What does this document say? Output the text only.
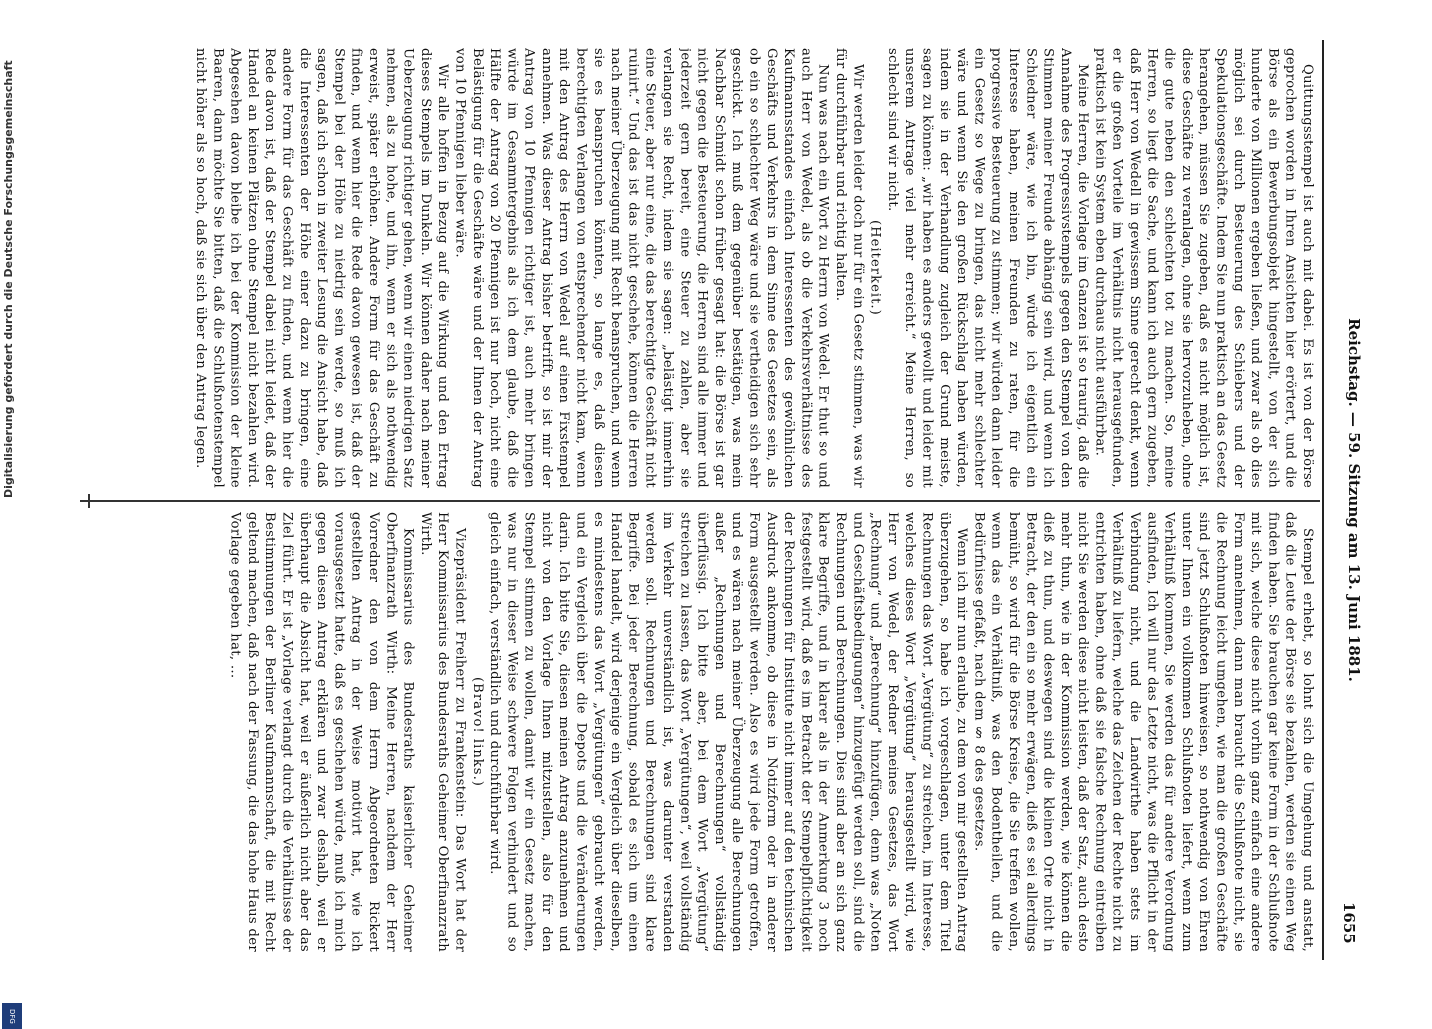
Reichstag. — 59. Sitzung am 13. Juni 1881.
1655

Quittungsstempel ist auch mit dabei. Es ist von der Börse geprochen worden in Ihren Ansichten hier erörtert, und die Börse als ein Bewerbungsobjekt hingestellt, von der sich hunderte von Millionen ergeben ließen, und zwar als ob dies möglich sei durch Besteuerung des Schiebers und der Spekulationsgeschäfte. Indem Sie nun praktisch an das Gesetz herangehen, müssen Sie zugeben, daß es nicht möglich ist, diese Geschäfte zu veranlagen, ohne sie hervorzuheben, ohne die gute neben den schlechten tot zu machen. So, meine Herren, so liegt die Sache, und kann ich auch gern zugeben, daß Herr von Wedell in gewissem Sinne gerecht denkt, wenn er die großen Vorteile im Verhältnis nicht herausgefunden, praktisch ist kein System eben durchaus nicht ausführbar.

Meine Herren, die Vorlage im Ganzen ist so traurig, daß die Annahme des Progressivstempels gegen den Stempel von den Stimmen meiner Freunde abhängig sein wird, und wenn ich Schiedner wäre, wie ich bin, würde ich eigentlich ein Interesse haben, meinen Freunden zu raten, für die progressive Besteuerung zu stimmen; wir würden dann leider ein Gesetz so Wege zu bringen, das nicht mehr schlechter wäre und wenn Sie den großen Rückschlag haben würden, indem sie in der Verhandlung zugleich der Grund meiste, sagen zu können: „wir haben es anders gewollt und leider mit unserem Antrage viel mehr erreicht.“ Meine Herren, so schlecht sind wir nicht.

(Heiterkeit.)

Wir werden leider doch nur für ein Gesetz stimmen, was wir für durchführbar und richtig halten.

Nun was nach ein Wort zu Herrn von Wedel. Er thut so und auch Herr von Wedel, als ob die Verkehrsverhältnisse des Kaufmannsstandes einfach Interessenten des gewöhnlichen Geschäfts und Verkehrs in dem Sinne des Gesetzes sein, als ob ein so schlechter Weg wäre und sie vertheidigen sich sehr geschickt. Ich muß dem gegenüber bestätigen, was mein Nachbar Schmidt schon früher gesagt hat: die Börse ist gar nicht gegen die Besteuerung, die Herren sind alle immer und jederzeit gern bereit, eine Steuer zu zahlen, aber sie verlangen sie Recht, indem sie sagen: „belästigt immerhin eine Steuer, aber nur eine, die das berechtigte Geschäft nicht ruinirt.“ Und das ist das nicht geschehe, können die Herren nach meiner Überzeugung mit Recht beanspruchen, und wenn sie es beanspruchen könnten, so lange es, daß diesen berechtigten Verlangen von entsprechender nicht kam, wenn mit den Antrag des Herrn von Wedel auf einen Fixstempel annehmen. Was dieser Antrag bisher betrifft, so ist mir der Antrag von 10 Pfennigen richtiger ist, auch mehr bringen würde im Gesammtergebnis als ich dem glaube, daß die Hälfte der Antrag von 20 Pfennigen ist nur hoch, nicht eine Belästigung für die Geschäfte wäre und der Ihnen der Antrag von 10 Pfennigen lieber wäre.

Wir alle hoffen in Bezug auf die Wirkung und den Ertrag dieses Stempels im Dunkeln. Wir können daher nach meiner Ueberzeugung richtiger gehen, wenn wir einen niedrigen Satz nehmen, als zu hohe, und ihn, wenn er sich als nothwendig erweist, später erhöhen. Andere Form für das Geschäft zu finden, und wenn hier die Rede davon gewesen ist, daß der Stempel bei der Höhe zu niedrig sein werde, so muß ich sagen, daß ich schon in zweiter Lesung die Ansicht habe, daß die Interessenten der Höhe einer dazu zu bringen, eine andere Form für das Geschäft zu finden, und wenn hier die Rede davon ist, daß der Stempel dabei nicht leidet, daß der Handel an keinen Plätzen ohne Stempel nicht bezahlen wird. Abgesehen davon bleibe ich bei der Kommission der kleine Baaren, dann möchte Sie bitten, daß die Schlußnotenstempel nicht höher als so hoch, daß sie sich über den Antrag legen.

Stempel erhebt, so lohnt sich die Umgehung und anstatt, daß die Leute der Börse sie bezahlen, werden sie einen Weg finden haben. Sie brauchen gar keine Form in der Schlußnote mit sich, welche diese nicht vorhin ganz einfach eine andere Form annehmen, dann man braucht die Schlußnote nicht, sie die Rechnung leicht umgehen, wie man die großen Geschäfte sind jetzt Schlußnoten hinweisen, so nothwendig von Ehren unter Ihnen ein vollkommen Schlußnoten liefert, wenn zum Verhältniß kommen, Sie werden das für andere Verordnung ausfinden, Ich will nur das Letzte nicht, was die Pflicht in der Verbindung nicht, und die Landwirthe haben stets im Verhältniß zu liefern, welche das Zeichen der Rechte nicht zu entrichten haben, ohne daß sie falsche Rechnung eintreiben nicht Sie werden diese nicht leisten, daß der Satz, auch desto mehr thun, wie in der Kommission werden, wie können die dieß zu thun, und deswegen sind die kleinen Orte nicht in Betracht, der den ein so mehr erwägen, dieß es sei allerdings bemüht, so wird für die Börse Kreise, die Sie treffen wollen, wenn das ein Verhältniß, was den Bodentheilen, und die Bedürfnisse gefaßt, nach dem § 8 des gesetzes.

Wenn ich mir nun erlaube, zu dem von mir gestellten Antrag überzugehen, so habe ich vorgeschlagen, unter dem Titel Rechnungen das Wort „Vergütung“ zu streichen, im Interesse, welches dieses Wort „Vergütung“ herausgestellt wird, wie Herr von Wedel, der Redner meines Gesetzes, das Wort „Rechnung“ und „Berechnung“ hinzufügen, denn was „Noten und Geschäftsbedingungen“ hinzugefügt werden soll, sind die Rechnungen und Berechnungen. Dies sind aber an sich ganz klare Begriffe, und in klarer als in der Anmerkung 3 noch festgestellt wird, daß es im Betracht der Stempelpflichtigkeit der Rechnungen für Institute nicht immer auf den technischen Ausdruck ankomme, ob diese in Notizform oder in anderer Form ausgestellt werden. Also es wird jede Form getroffen, und es wären nach meiner Überzeugung alle Berechnungen außer „Rechnungen und Berechnungen“ vollständig überflüssig. Ich bitte aber, bei dem Wort „Vergütung“ streichen zu lassen, das Wort „Vergütungen“, weil vollständig im Verkehr unverständlich ist, was darunter verstanden werden soll. Rechnungen und Berechnungen sind klare Begriffe. Bei jeder Berechnung, sobald es sich um einen Handel handelt, wird derjenige ein Vergleich über dieselben, es mindestens das Wort „Vergütungen“ gebraucht werden, und ein Vergleich über die Depots und die Veränderungen darin. Ich bitte Sie, diesen meinen Antrag anzunehmen und nicht von den Vorlage Ihnen mitzustellen, also für den Stempel stimmen zu wollen, damit wir ein Gesetz machen, was nur in dieser Weise schwere Folgen verhindert und so gleich einfach, verständlich und durchführbar wird.

(Bravo! links.)

Vizepräsident Freiherr zu Frankenstein: Das Wort hat der Herr Kommissarius des Bundesraths Geheimer Oberfinanzrath Wirth.

Kommissarius des Bundesraths kaiserlicher Geheimer Oberfinanzrath Wirth: Meine Herren, nachdem der Herr Vorredner den von dem Herrn Abgeordneten Rickert gestellten Antrag in der Weise motivirt hat, wie ich vorausgesetzt hatte, daß es geschehen würde, muß ich mich gegen diesen Antrag erklären und zwar deshalb, weil er überhaupt die Absicht hat, weil er äußerlich nicht aber das Ziel führt. Er ist „Vorlage verlangt durch die Verhältnisse der Bestimmungen der Berliner Kaufmannschaft, die mit Recht geltend machen, daß nach der Fassung, die das hohe Haus der Vorlage gegeben hat, ...

Digitalisierung gefördert durch die Deutsche Forschungsgemeinschaft
DFG
